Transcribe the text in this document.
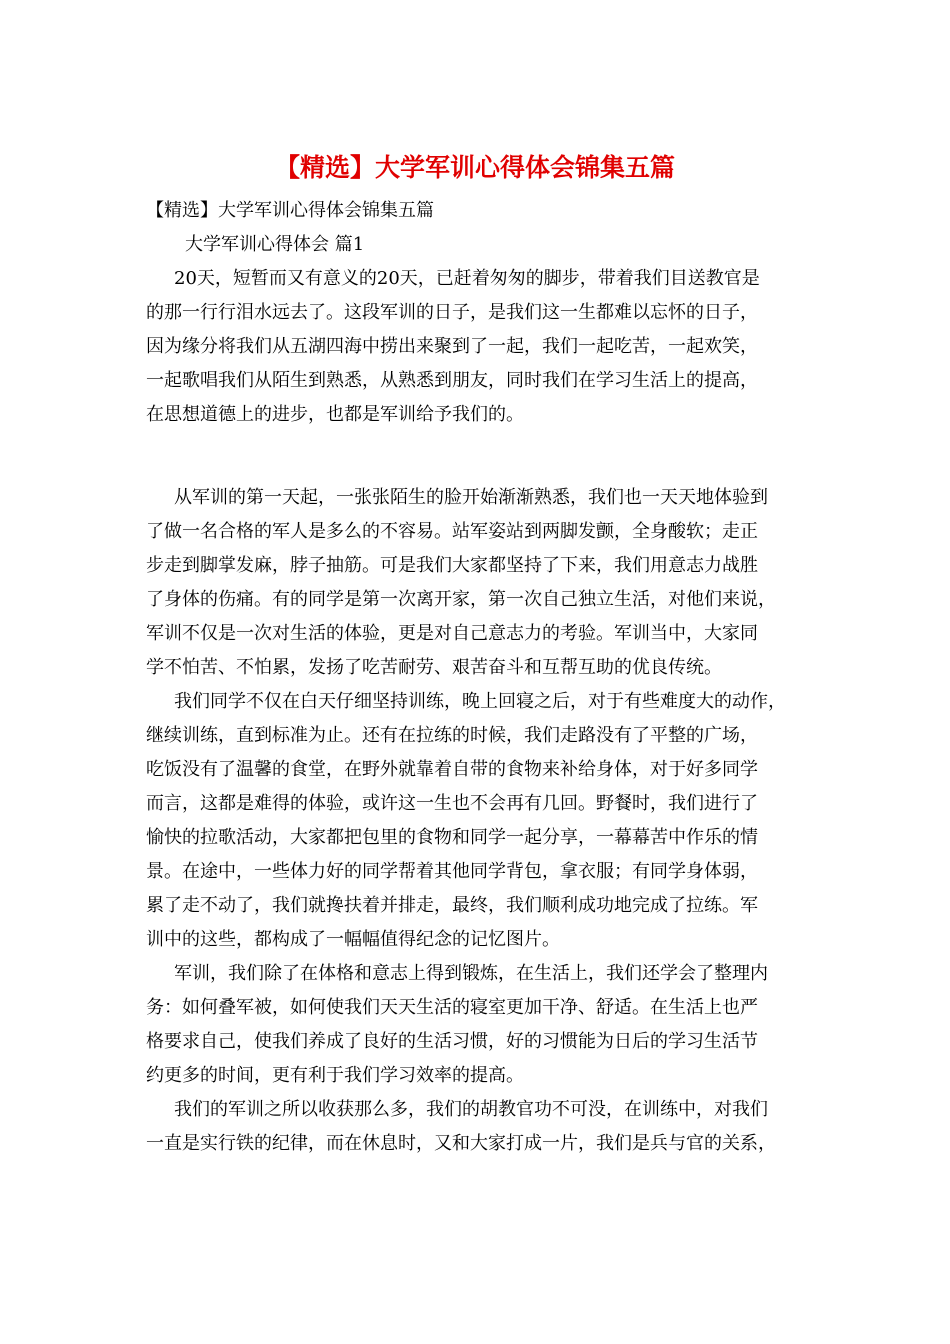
【精选】大学军训心得体会锦集五篇
【精选】大学军训心得体会锦集五篇
大学军训心得体会 篇1
20天，短暂而又有意义的20天，已赶着匆匆的脚步，带着我们目送教官是
的那一行行泪水远去了。这段军训的日子，是我们这一生都难以忘怀的日子，
因为缘分将我们从五湖四海中捞出来聚到了一起，我们一起吃苦，一起欢笑，
一起歌唱我们从陌生到熟悉，从熟悉到朋友，同时我们在学习生活上的提高，
在思想道德上的进步，也都是军训给予我们的。
从军训的第一天起，一张张陌生的脸开始渐渐熟悉，我们也一天天地体验到
了做一名合格的军人是多么的不容易。站军姿站到两脚发颤，全身酸软；走正
步走到脚掌发麻，脖子抽筋。可是我们大家都坚持了下来，我们用意志力战胜
了身体的伤痛。有的同学是第一次离开家，第一次自己独立生活，对他们来说，
军训不仅是一次对生活的体验，更是对自己意志力的考验。军训当中，大家同
学不怕苦、不怕累，发扬了吃苦耐劳、艰苦奋斗和互帮互助的优良传统。
我们同学不仅在白天仔细坚持训练，晚上回寝之后，对于有些难度大的动作，
继续训练，直到标准为止。还有在拉练的时候，我们走路没有了平整的广场，
吃饭没有了温馨的食堂，在野外就靠着自带的食物来补给身体，对于好多同学
而言，这都是难得的体验，或许这一生也不会再有几回。野餐时，我们进行了
愉快的拉歌活动，大家都把包里的食物和同学一起分享，一幕幕苦中作乐的情
景。在途中，一些体力好的同学帮着其他同学背包，拿衣服；有同学身体弱，
累了走不动了，我们就搀扶着并排走，最终，我们顺利成功地完成了拉练。军
训中的这些，都构成了一幅幅值得纪念的记忆图片。
军训，我们除了在体格和意志上得到锻炼，在生活上，我们还学会了整理内
务：如何叠军被，如何使我们天天生活的寝室更加干净、舒适。在生活上也严
格要求自己，使我们养成了良好的生活习惯，好的习惯能为日后的学习生活节
约更多的时间，更有利于我们学习效率的提高。
我们的军训之所以收获那么多，我们的胡教官功不可没，在训练中，对我们
一直是实行铁的纪律，而在休息时，又和大家打成一片，我们是兵与官的关系，
